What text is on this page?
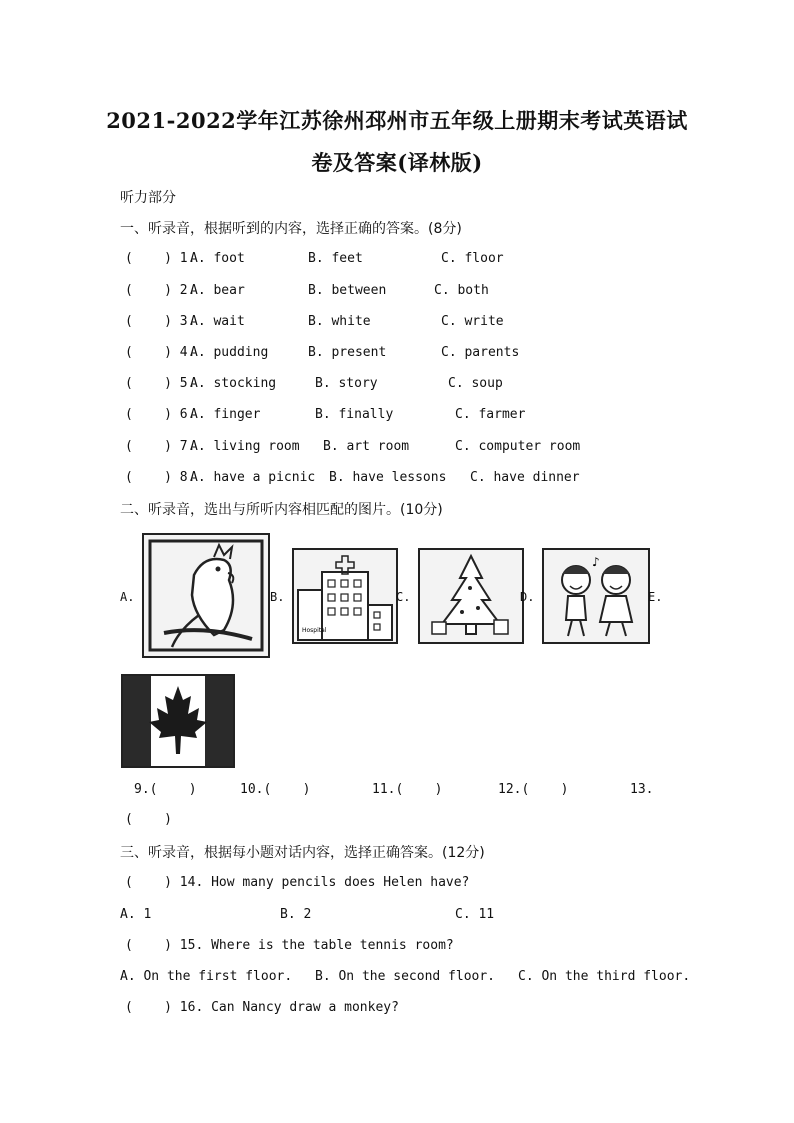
2021-2022学年江苏徐州邳州市五年级上册期末考试英语试
卷及答案(译林版)
听力部分
一、听录音，根据听到的内容，选择正确的答案。(8分)
(    ) 1.
A. foot	B. feet	C. floor
(    ) 2.
A. bear	B. between	C. both
(    ) 3.
A. wait	B. white	C. write
(    ) 4.
A. pudding	B. present	C. parents
(    ) 5.
A. stocking	B. story	C. soup
(    ) 6.
A. finger	B. finally	C. farmer
(    ) 7.
A. living room B. art room	C. computer room
(    ) 8.
A. have a picnic B. have lessons C. have dinner
二、听录音，选出与所听内容相匹配的图片。(10分)
A.	B.
Hospital
C.	D.
♪
E.
9.(    )	10.(    )	11.(    )	12.(    )	13.
(    )
三、听录音，根据每小题对话内容，选择正确答案。(12分)
(    ) 14. How many pencils does Helen have?
A. 1	B. 2	C. 11
(    ) 15. Where is the table tennis room?
A. On the first floor. B. On the second floor. C. On the third floor.
(    ) 16. Can Nancy draw a monkey?
